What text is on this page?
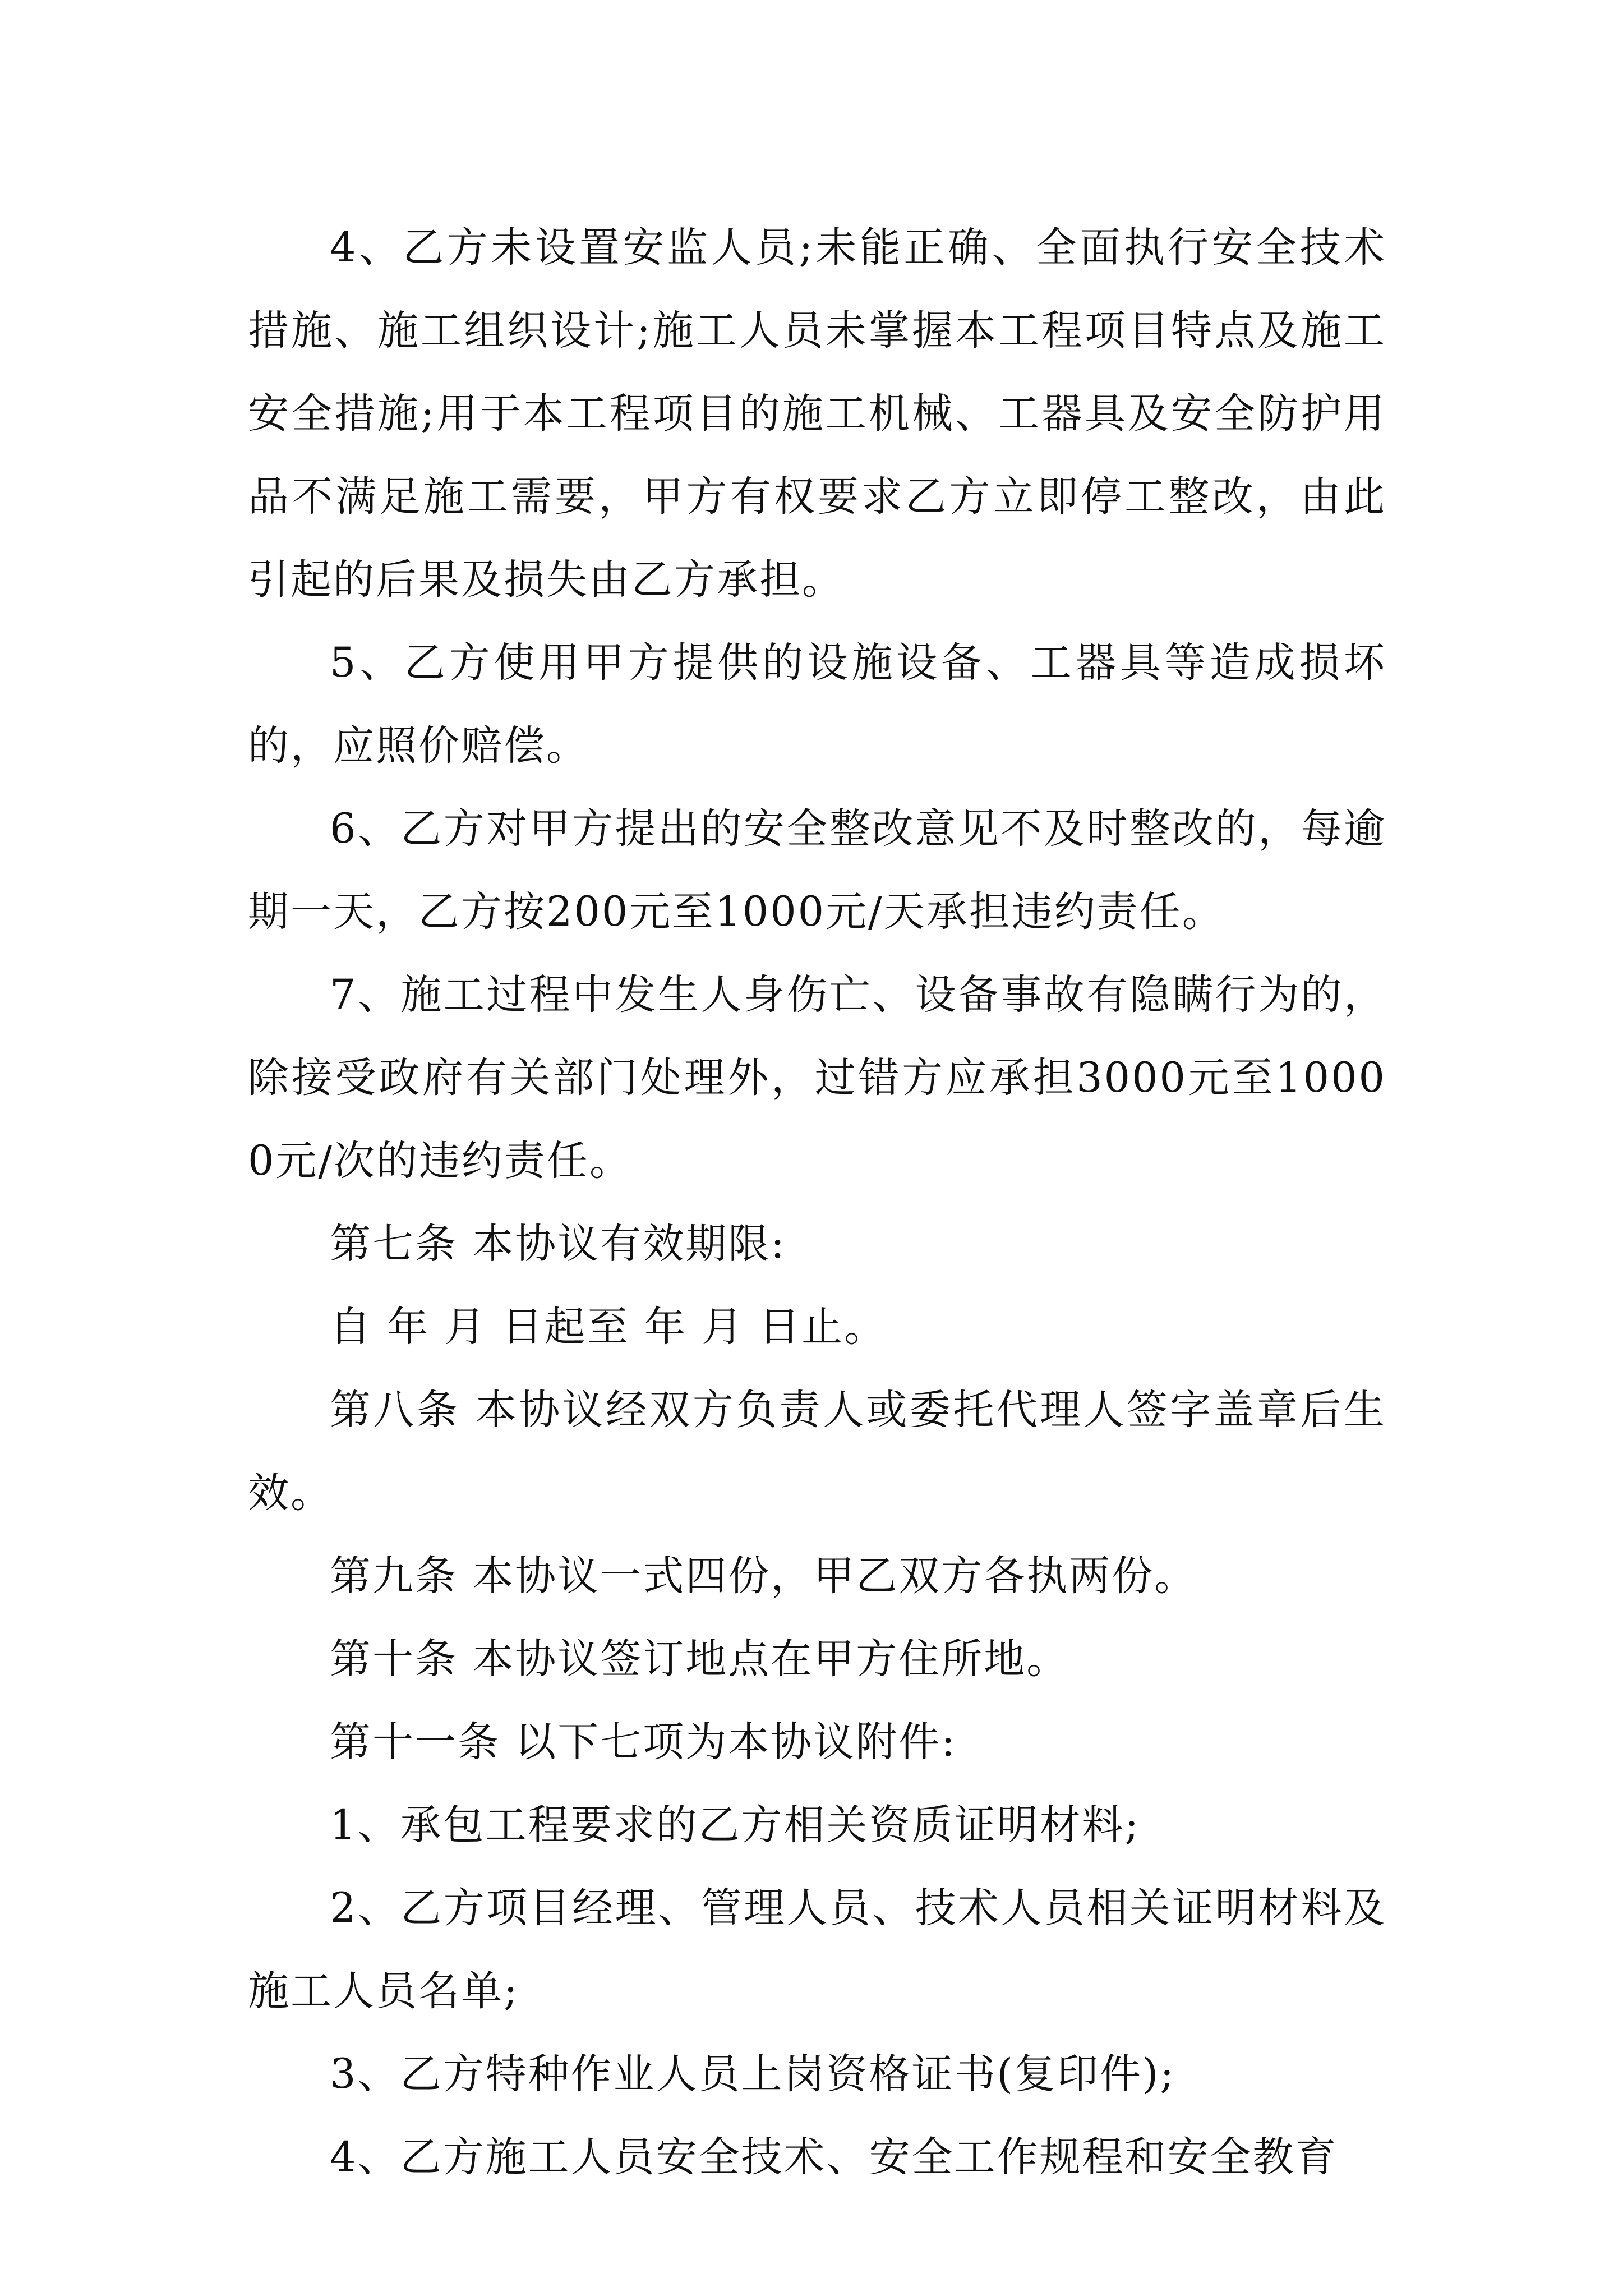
4、乙方未设置安监人员;未能正确、全面执行安全技术措施、施工组织设计;施工人员未掌握本工程项目特点及施工安全措施;用于本工程项目的施工机械、工器具及安全防护用品不满足施工需要，甲方有权要求乙方立即停工整改，由此引起的后果及损失由乙方承担。

5、乙方使用甲方提供的设施设备、工器具等造成损坏的，应照价赔偿。

6、乙方对甲方提出的安全整改意见不及时整改的，每逾期一天，乙方按200元至1000元/天承担违约责任。

7、施工过程中发生人身伤亡、设备事故有隐瞒行为的，除接受政府有关部门处理外，过错方应承担3000元至10000元/次的违约责任。

第七条 本协议有效期限:

自 年 月 日起至 年 月 日止。

第八条 本协议经双方负责人或委托代理人签字盖章后生效。

第九条 本协议一式四份，甲乙双方各执两份。

第十条 本协议签订地点在甲方住所地。

第十一条 以下七项为本协议附件:

1、承包工程要求的乙方相关资质证明材料;

2、乙方项目经理、管理人员、技术人员相关证明材料及施工人员名单;

3、乙方特种作业人员上岗资格证书(复印件);

4、乙方施工人员安全技术、安全工作规程和安全教育
